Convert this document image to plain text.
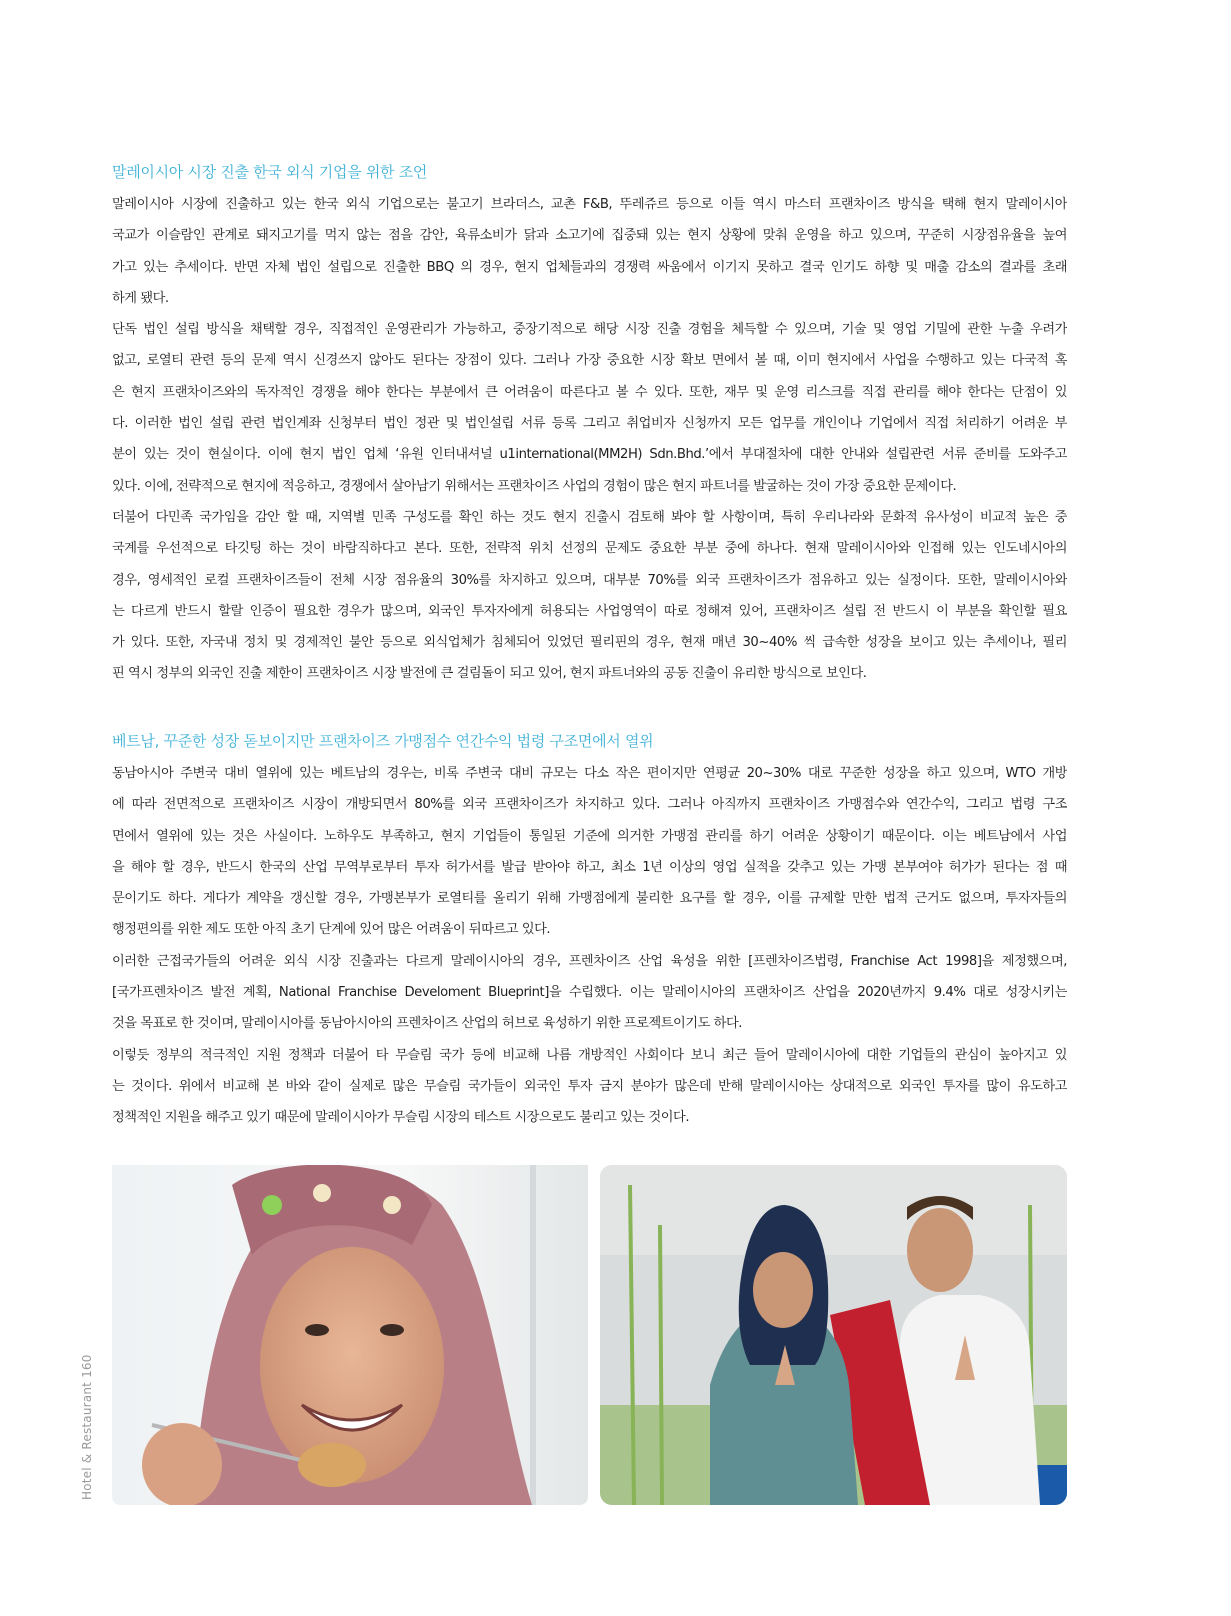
Hotel & Restaurant 160
말레이시아 시장 진출 한국 외식 기업을 위한 조언
말레이시아 시장에 진출하고 있는 한국 외식 기업으로는 불고기 브라더스, 교촌 F&B, 뚜레쥬르 등으로 이들 역시 마스터 프랜차이즈 방식을 택해 현지 말레이시아
국교가 이슬람인 관계로 돼지고기를 먹지 않는 점을 감안, 육류소비가 닭과 소고기에 집중돼 있는 현지 상황에 맞춰 운영을 하고 있으며, 꾸준히 시장점유율을 높여
가고 있는 추세이다. 반면 자체 법인 설립으로 진출한 BBQ 의 경우, 현지 업체들과의 경쟁력 싸움에서 이기지 못하고 결국 인기도 하향 및 매출 감소의 결과를 초래
하게 됐다.
단독 법인 설립 방식을 채택할 경우, 직접적인 운영관리가 가능하고, 중장기적으로 해당 시장 진출 경험을 체득할 수 있으며, 기술 및 영업 기밀에 관한 누출 우려가
없고, 로열티 관련 등의 문제 역시 신경쓰지 않아도 된다는 장점이 있다. 그러나 가장 중요한 시장 확보 면에서 볼 때, 이미 현지에서 사업을 수행하고 있는 다국적 혹
은 현지 프랜차이즈와의 독자적인 경쟁을 해야 한다는 부분에서 큰 어려움이 따른다고 볼 수 있다. 또한, 재무 및 운영 리스크를 직접 관리를 해야 한다는 단점이 있
다. 이러한 법인 설립 관련 법인계좌 신청부터 법인 정관 및 법인설립 서류 등록 그리고 취업비자 신청까지 모든 업무를 개인이나 기업에서 직접 처리하기 어려운 부
분이 있는 것이 현실이다. 이에 현지 법인 업체 ‘유원 인터내셔널 u1international(MM2H) Sdn.Bhd.’에서 부대절차에 대한 안내와 설립관련 서류 준비를 도와주고
있다. 이에, 전략적으로 현지에 적응하고, 경쟁에서 살아남기 위해서는 프랜차이즈 사업의 경험이 많은 현지 파트너를 발굴하는 것이 가장 중요한 문제이다.
더불어 다민족 국가임을 감안 할 때, 지역별 민족 구성도를 확인 하는 것도 현지 진출시 검토해 봐야 할 사항이며, 특히 우리나라와 문화적 유사성이 비교적 높은 중
국계를 우선적으로 타깃팅 하는 것이 바람직하다고 본다. 또한, 전략적 위치 선정의 문제도 중요한 부분 중에 하나다. 현재 말레이시아와 인접해 있는 인도네시아의
경우, 영세적인 로컬 프랜차이즈들이 전체 시장 점유율의 30%를 차지하고 있으며, 대부분 70%를 외국 프랜차이즈가 점유하고 있는 실정이다. 또한, 말레이시아와
는 다르게 반드시 할랄 인증이 필요한 경우가 많으며, 외국인 투자자에게 허용되는 사업영역이 따로 정해져 있어, 프랜차이즈 설립 전 반드시 이 부분을 확인할 필요
가 있다. 또한, 자국내 정치 및 경제적인 불안 등으로 외식업체가 침체되어 있었던 필리핀의 경우, 현재 매년 30~40% 씩 급속한 성장을 보이고 있는 추세이나, 필리
핀 역시 정부의 외국인 진출 제한이 프랜차이즈 시장 발전에 큰 걸림돌이 되고 있어, 현지 파트너와의 공동 진출이 유리한 방식으로 보인다.
베트남, 꾸준한 성장 돋보이지만 프랜차이즈 가맹점수 연간수익 법령 구조면에서 열위
동남아시아 주변국 대비 열위에 있는 베트남의 경우는, 비록 주변국 대비 규모는 다소 작은 편이지만 연평균 20~30% 대로 꾸준한 성장을 하고 있으며, WTO 개방
에 따라 전면적으로 프랜차이즈 시장이 개방되면서 80%를 외국 프랜차이즈가 차지하고 있다. 그러나 아직까지 프랜차이즈 가맹점수와 연간수익, 그리고 법령 구조
면에서 열위에 있는 것은 사실이다. 노하우도 부족하고, 현지 기업들이 통일된 기준에 의거한 가맹점 관리를 하기 어려운 상황이기 때문이다. 이는 베트남에서 사업
을 해야 할 경우, 반드시 한국의 산업 무역부로부터 투자 허가서를 발급 받아야 하고, 최소 1년 이상의 영업 실적을 갖추고 있는 가맹 본부여야 허가가 된다는 점 때
문이기도 하다. 게다가 계약을 갱신할 경우, 가맹본부가 로열티를 올리기 위해 가맹점에게 불리한 요구를 할 경우, 이를 규제할 만한 법적 근거도 없으며, 투자자들의
행정편의를 위한 제도 또한 아직 초기 단계에 있어 많은 어려움이 뒤따르고 있다.
이러한 근접국가들의 어려운 외식 시장 진출과는 다르게 말레이시아의 경우, 프렌차이즈 산업 육성을 위한 [프렌차이즈법령, Franchise Act 1998]을 제정했으며,
[국가프렌차이즈 발전 계획, National Franchise Develoment Blueprint]을 수립했다. 이는 말레이시아의 프랜차이즈 산업을 2020년까지 9.4% 대로 성장시키는
것을 목표로 한 것이며, 말레이시아를 동남아시아의 프렌차이즈 산업의 허브로 육성하기 위한 프로젝트이기도 하다.
이렇듯 정부의 적극적인 지원 정책과 더불어 타 무슬림 국가 등에 비교해 나름 개방적인 사회이다 보니 최근 들어 말레이시아에 대한 기업들의 관심이 높아지고 있
는 것이다. 위에서 비교해 본 바와 같이 실제로 많은 무슬림 국가들이 외국인 투자 금지 분야가 많은데 반해 말레이시아는 상대적으로 외국인 투자를 많이 유도하고
정책적인 지원을 해주고 있기 때문에 말레이시아가 무슬림 시장의 테스트 시장으로도 불리고 있는 것이다.
